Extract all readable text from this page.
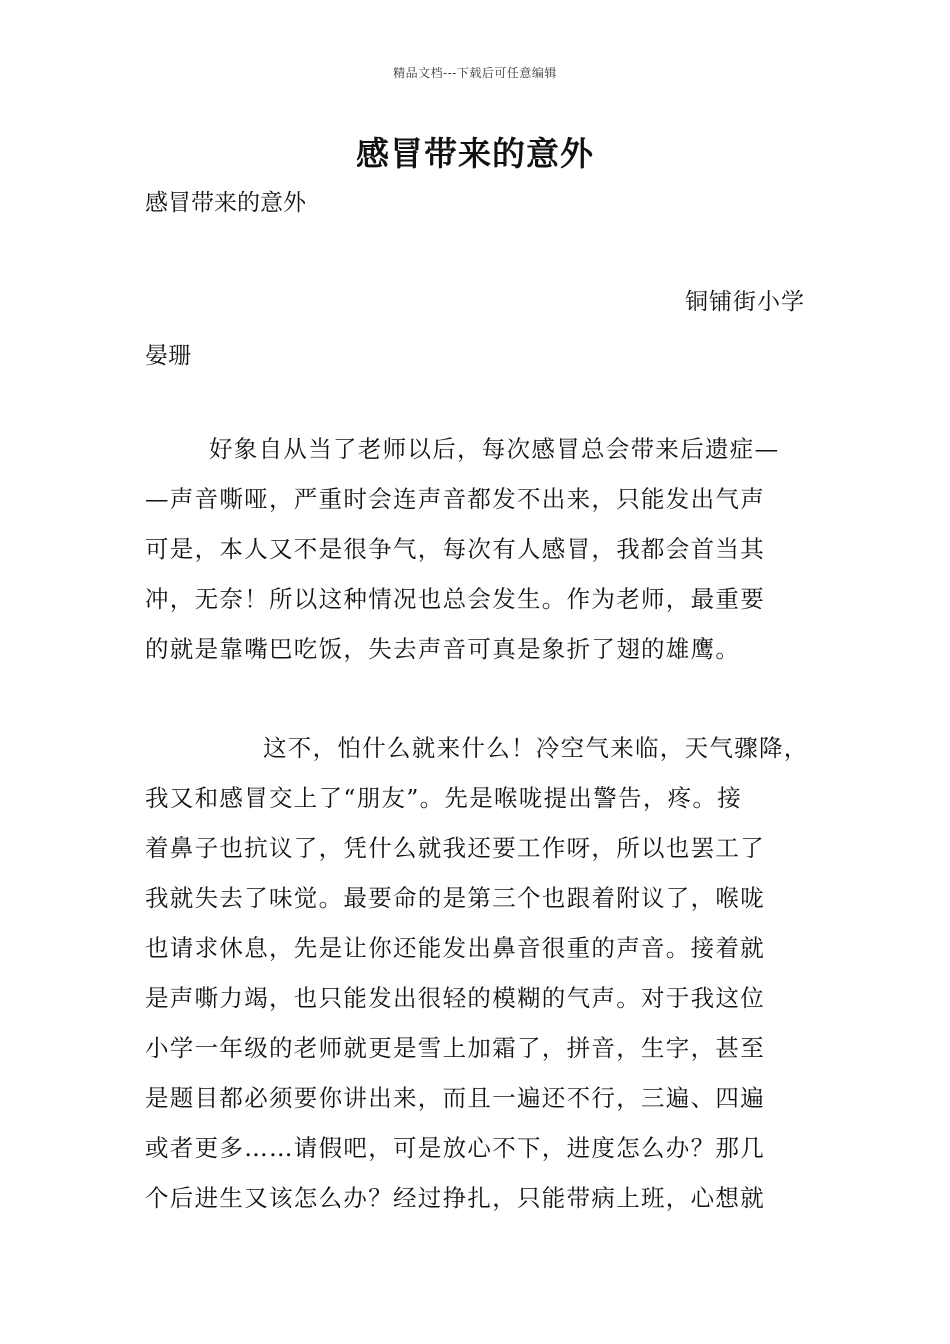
精品文档---下载后可任意编辑
感冒带来的意外
感冒带来的意外
铜铺街小学
晏珊
好象自从当了老师以后，每次感冒总会带来后遗症—
—声音嘶哑，严重时会连声音都发不出来，只能发出气声
可是，本人又不是很争气，每次有人感冒，我都会首当其
冲，无奈！所以这种情况也总会发生。作为老师，最重要
的就是靠嘴巴吃饭，失去声音可真是象折了翅的雄鹰。
这不，怕什么就来什么！冷空气来临，天气骤降，
我又和感冒交上了“朋友”。先是喉咙提出警告，疼。接
着鼻子也抗议了，凭什么就我还要工作呀，所以也罢工了
我就失去了味觉。最要命的是第三个也跟着附议了，喉咙
也请求休息，先是让你还能发出鼻音很重的声音。接着就
是声嘶力竭，也只能发出很轻的模糊的气声。对于我这位
小学一年级的老师就更是雪上加霜了，拼音，生字，甚至
是题目都必须要你讲出来，而且一遍还不行，三遍、四遍
或者更多……请假吧，可是放心不下，进度怎么办？那几
个后进生又该怎么办？经过挣扎，只能带病上班，心想就
